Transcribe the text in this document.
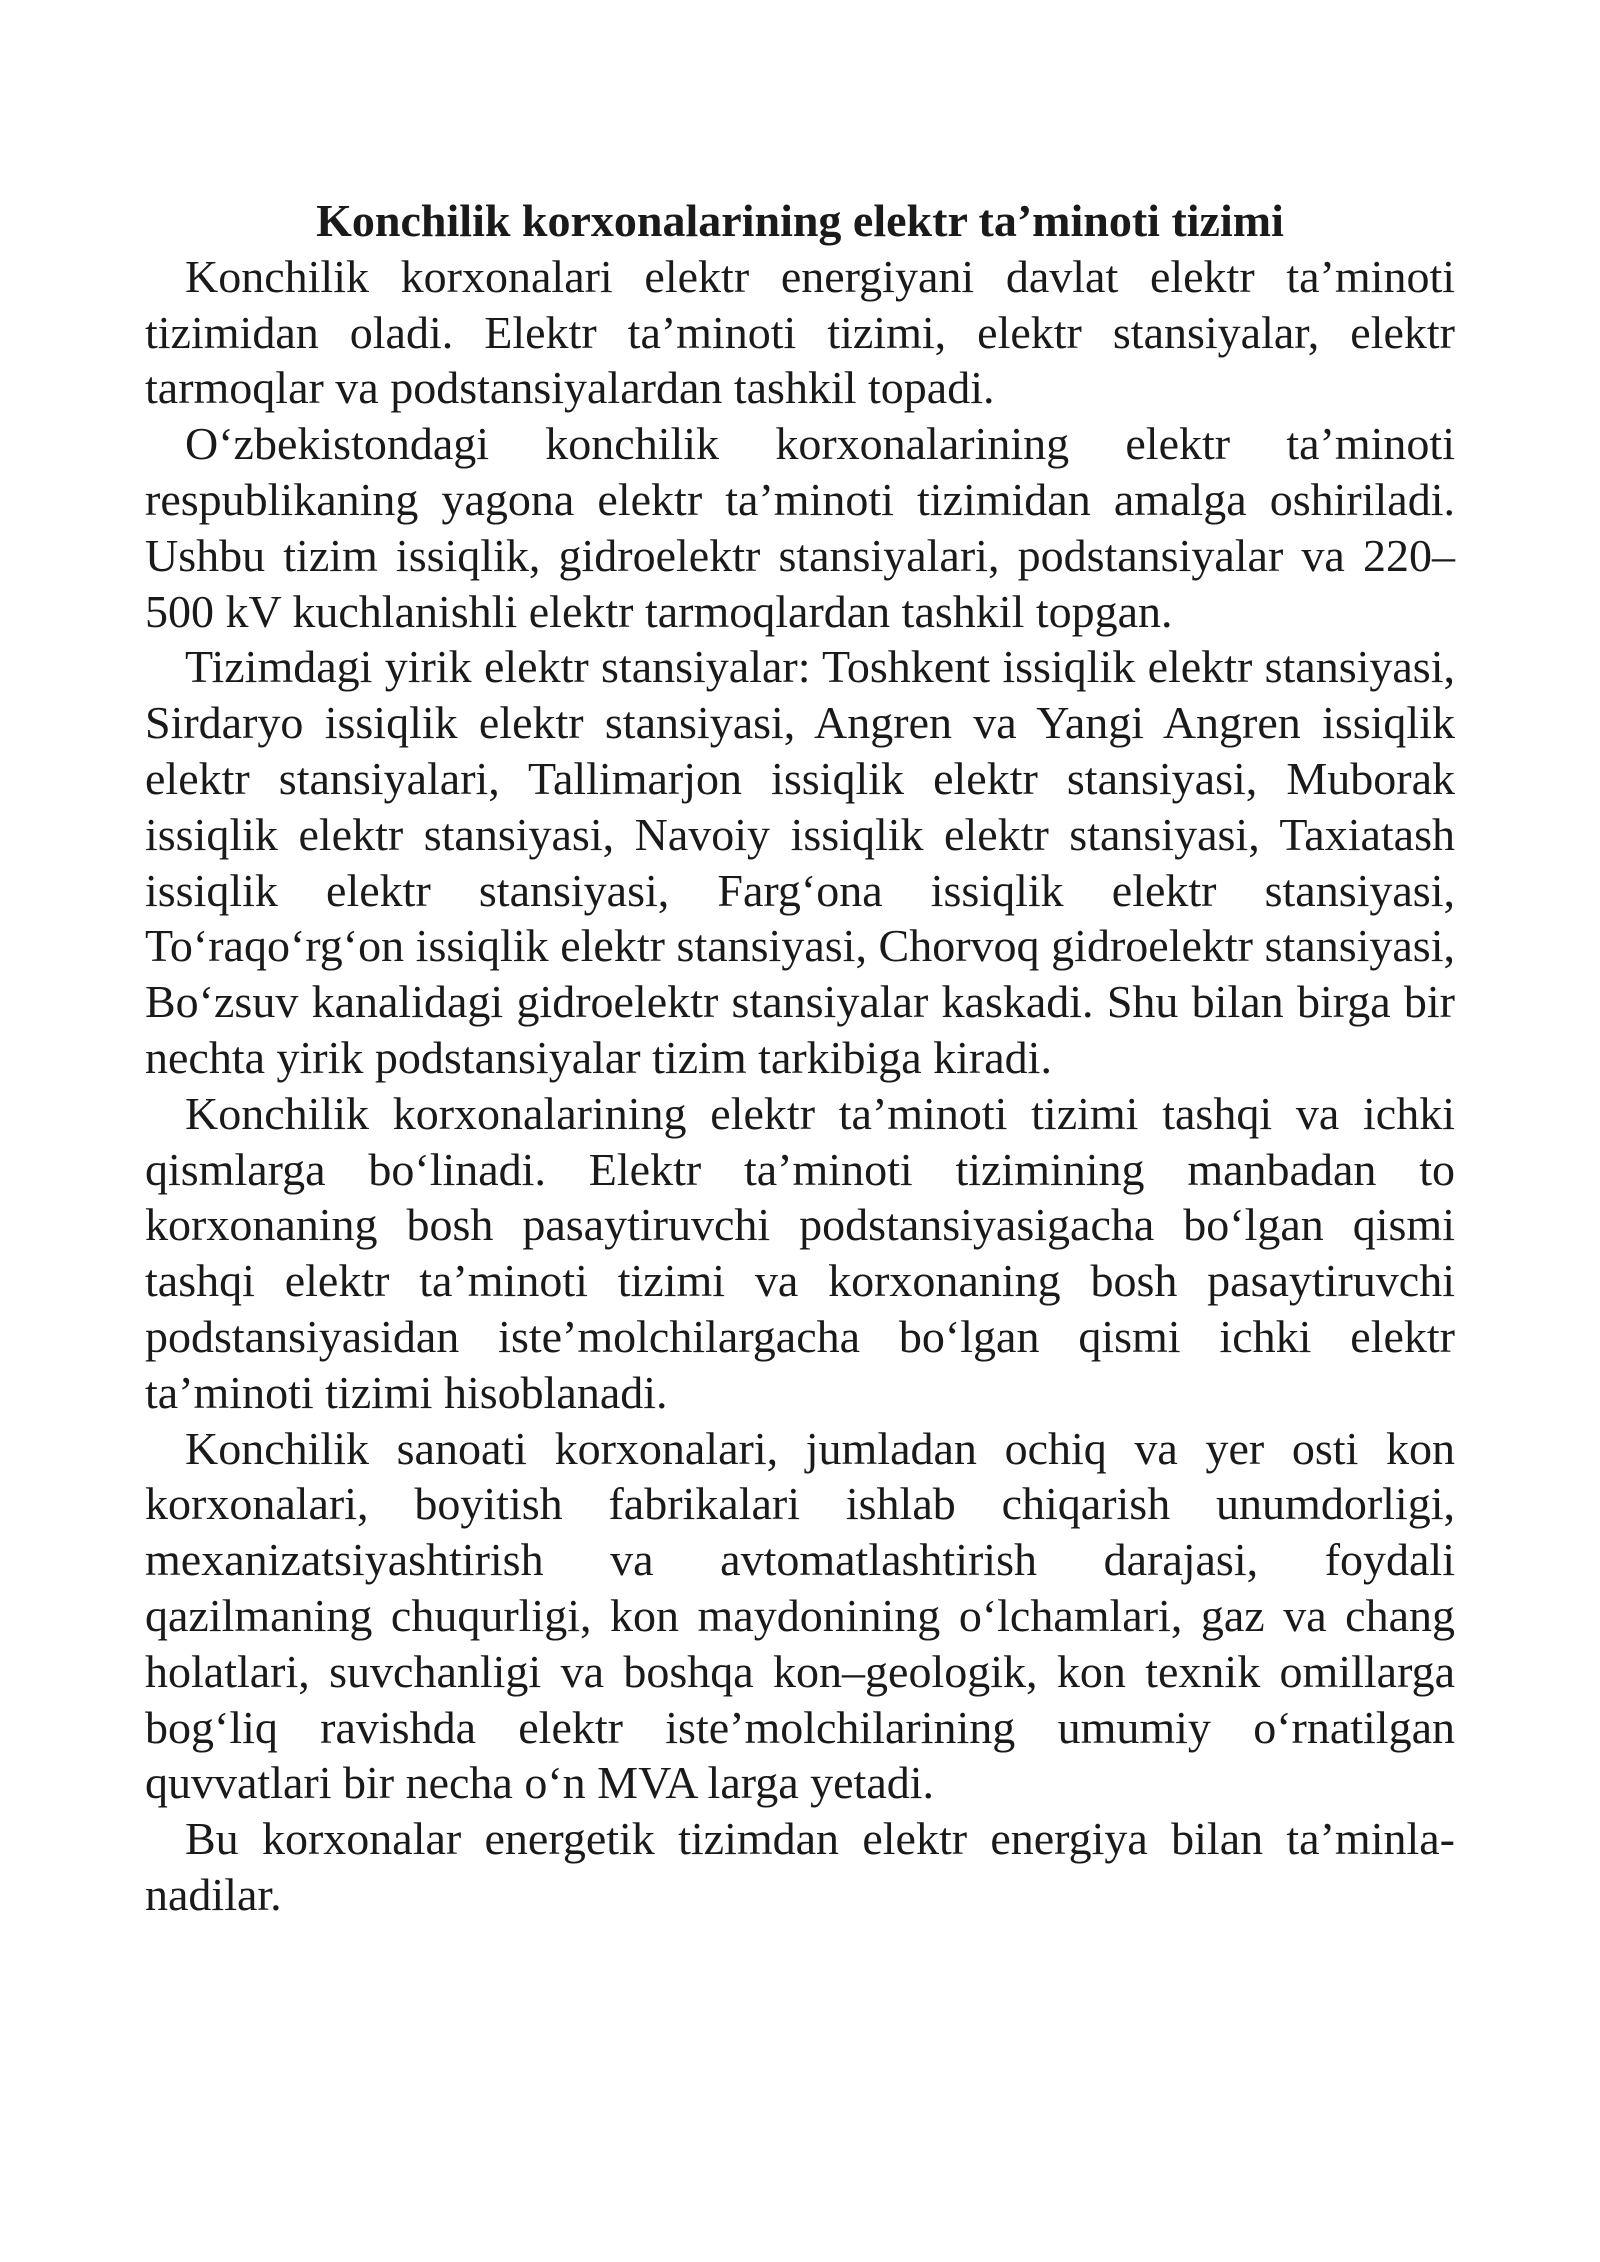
Konchilik korxonalarining elektr ta’minoti tizimi

Konchilik korxonalari elektr energiyani davlat elektr ta’minoti tizimidan oladi. Elektr ta’minoti tizimi, elektr stansiyalar, elektr tarmoqlar va podstansiyalardan tashkil topadi.

O‘zbekistondagi konchilik korxonalarining elektr ta’minoti respublikaning yagona elektr ta’minoti tizimidan amalga oshiriladi. Ushbu tizim issiqlik, gidroelektr stansiyalari, podstansiyalar va 220–500 kV kuchlanishli elektr tarmoqlardan tashkil topgan.

Tizimdagi yirik elektr stansiyalar: Toshkent issiqlik elektr stansiyasi, Sirdaryo issiqlik elektr stansiyasi, Angren va Yangi Angren issiqlik elektr stansiyalari, Tallimarjon issiqlik elektr stansiyasi, Muborak issiqlik elektr stansiyasi, Navoiy issiqlik elektr stansiyasi, Taxiatash issiqlik elektr stansiyasi, Farg‘ona issiqlik elektr stansiyasi, To‘raqo‘rg‘on issiqlik elektr stansiyasi, Chorvoq gidroelektr stansiyasi, Bo‘zsuv kanalidagi gidroelektr stansiyalar kaskadi. Shu bilan birga bir nechta yirik podstansiyalar tizim tarkibiga kiradi.

Konchilik korxonalarining elektr ta’minoti tizimi tashqi va ichki qismlarga bo‘linadi. Elektr ta’minoti tizimining manbadan to korxonaning bosh pasaytiruvchi podstansiyasigacha bo‘lgan qismi tashqi elektr ta’minoti tizimi va korxonaning bosh pasaytiruvchi podstansiyasidan iste’molchilargacha bo‘lgan qismi ichki elektr ta’minoti tizimi hisoblanadi.

Konchilik sanoati korxonalari, jumladan ochiq va yer osti kon korxonalari, boyitish fabrikalari ishlab chiqarish unumdorligi, mexanizatsiyashtirish va avtomatlashtirish darajasi, foydali qazilmaning chuqurligi, kon maydonining o‘lchamlari, gaz va chang holatlari, suvchanligi va boshqa kon–geologik, kon texnik omillarga bog‘liq ravishda elektr iste’molchilarining umumiy o‘rnatilgan quvvatlari bir necha o‘n MVA larga yetadi.

Bu korxonalar energetik tizimdan elektr energiya bilan ta’minla-nadilar.
